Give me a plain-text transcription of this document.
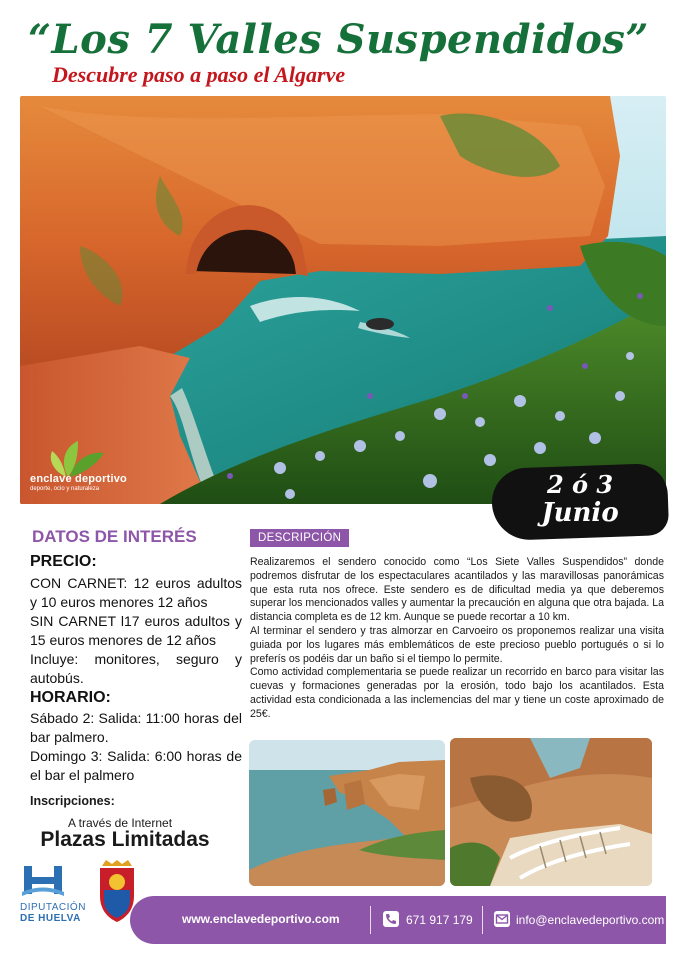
“Los 7 Valles Suspendidos”
Descubre paso a paso el Algarve
enclave deportivo
deporte, ocio y naturaleza	2 ó 3
Junio
DATOS DE INTERÉS
PRECIO:
CON CARNET: 12 euros adultos y 10 euros menores 12 años
SIN CARNET l17 euros adultos y 15 euros menores de 12 años
Incluye: monitores, seguro y autobús.
HORARIO:
Sábado 2: Salida: 11:00 horas del bar palmero.
Domingo 3: Salida: 6:00 horas de el bar el palmero
Inscripciones:
A través de Internet
Plazas Limitadas
DESCRIPCIÓN

Realizaremos el sendero conocido como “Los Siete Valles Suspendidos” donde podremos disfrutar de los espectaculares acantilados y las maravillosas panorámicas que esta ruta nos ofrece. Este sendero es de dificultad media ya que deberemos superar los mencionados valles y aumentar la precaución en alguna que otra bajada. La distancia completa es de 12 km. Aunque se puede recortar a 10 km.

Al terminar el sendero y tras almorzar en Carvoeiro os proponemos realizar una visita guiada por los lugares más emblemáticos de este precioso pueblo portugués o si lo preferís os podéis dar un baño si el tiempo lo permite.

Como actividad complementaria se puede realizar un recorrido en barco para visitar las cuevas y formaciones generadas por la erosión, todo bajo los acantilados. Esta actividad esta condicionada a las inclemencias del mar y tiene un coste aproximado de 25€.

DIPUTACIÓN
DE HUELVA	www.enclavedeportivo.com	671 917 179	info@enclavedeportivo.com
